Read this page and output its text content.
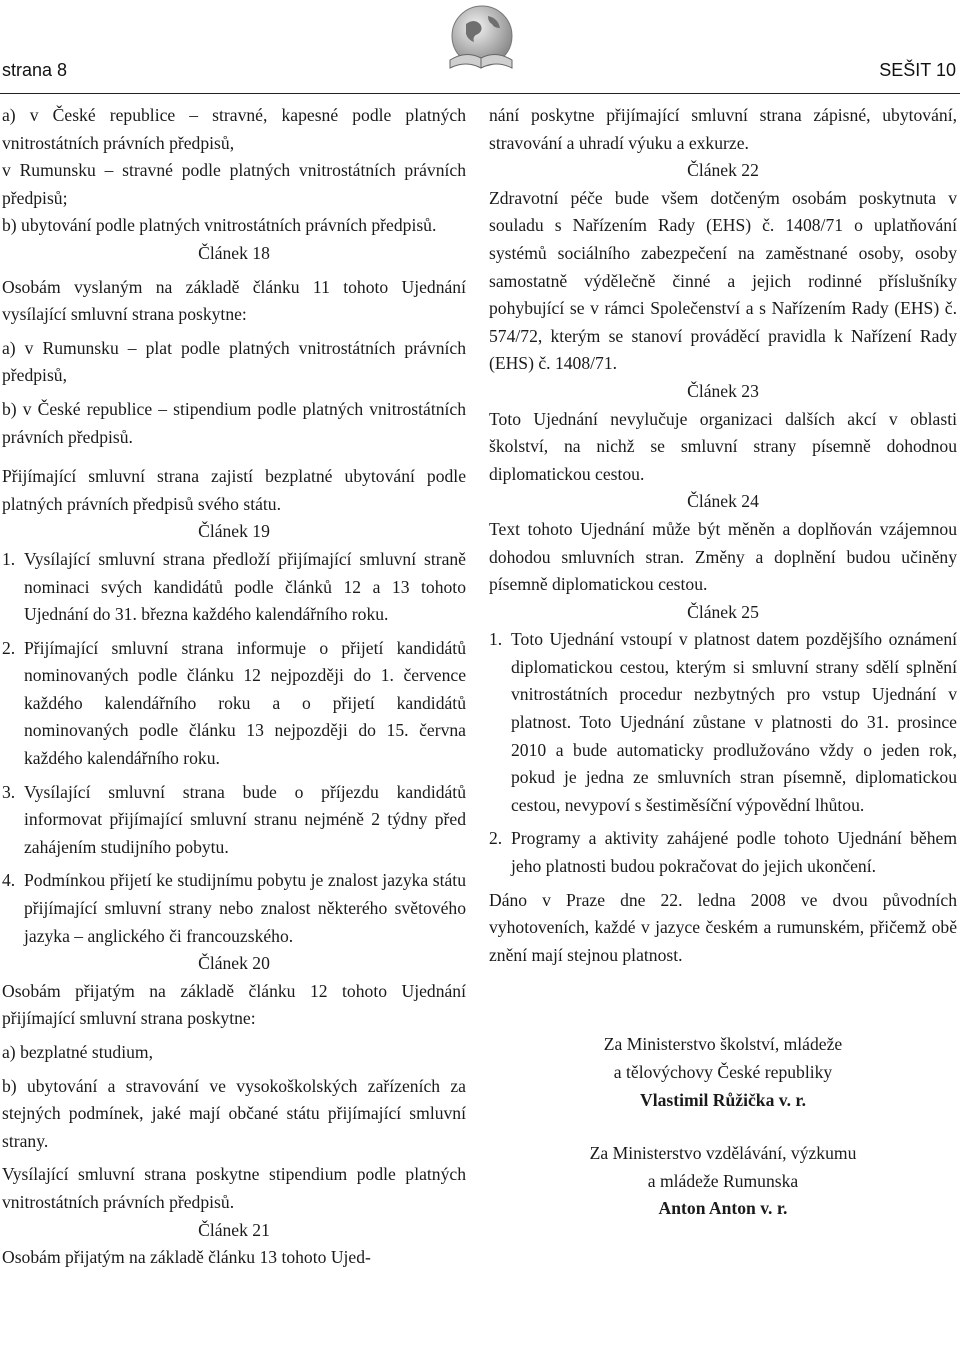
strana 8	SEŠIT 10

a) v České republice – stravné, kapesné podle platných vnitrostátních právních předpisů,

v Rumunsku – stravné podle platných vnitrostátních právních předpisů;

b) ubytování podle platných vnitrostátních právních předpisů.

Článek 18

Osobám vyslaným na základě článku 11 tohoto Ujednání vysílající smluvní strana poskytne:

a) v Rumunsku – plat podle platných vnitrostátních právních předpisů,

b) v České republice – stipendium podle platných vnitrostátních právních předpisů.

Přijímající smluvní strana zajistí bezplatné ubytování podle platných právních předpisů svého státu.

Článek 19

1. Vysílající smluvní strana předloží přijímající smluvní straně nominaci svých kandidátů podle článků 12 a 13 tohoto Ujednání do 31. března každého kalendářního roku.
2. Přijímající smluvní strana informuje o přijetí kandidátů nominovaných podle článku 12 nejpozději do 1. července každého kalendářního roku a o přijetí kandidátů nominovaných podle článku 13 nejpozději do 15. června každého kalendářního roku.
3. Vysílající smluvní strana bude o příjezdu kandidátů informovat přijímající smluvní stranu nejméně 2 týdny před zahájením studijního pobytu.
4. Podmínkou přijetí ke studijnímu pobytu je znalost jazyka státu přijímající smluvní strany nebo znalost některého světového jazyka – anglického či francouzského.

Článek 20

Osobám přijatým na základě článku 12 tohoto Ujednání přijímající smluvní strana poskytne:

a) bezplatné studium,

b) ubytování a stravování ve vysokoškolských zařízeních za stejných podmínek, jaké mají občané státu přijímající smluvní strany.

Vysílající smluvní strana poskytne stipendium podle platných vnitrostátních právních předpisů.

Článek 21

Osobám přijatým na základě článku 13 tohoto Ujed-

nání poskytne přijímající smluvní strana zápisné, ubytování, stravování a uhradí výuku a exkurze.

Článek 22

Zdravotní péče bude všem dotčeným osobám poskytnuta v souladu s Nařízením Rady (EHS) č. 1408/71 o uplatňování systémů sociálního zabezpečení na zaměstnané osoby, osoby samostatně výdělečně činné a jejich rodinné příslušníky pohybující se v rámci Společenství a s Nařízením Rady (EHS) č. 574/72, kterým se stanoví prováděcí pravidla k Nařízení Rady (EHS) č. 1408/71.

Článek 23

Toto Ujednání nevylučuje organizaci dalších akcí v oblasti školství, na nichž se smluvní strany písemně dohodnou diplomatickou cestou.

Článek 24

Text tohoto Ujednání může být měněn a doplňován vzájemnou dohodou smluvních stran. Změny a doplnění budou učiněny písemně diplomatickou cestou.

Článek 25

1. Toto Ujednání vstoupí v platnost datem pozdějšího oznámení diplomatickou cestou, kterým si smluvní strany sdělí splnění vnitrostátních procedur nezbytných pro vstup Ujednání v platnost. Toto Ujednání zůstane v platnosti do 31. prosince 2010 a bude automaticky prodlužováno vždy o jeden rok, pokud je jedna ze smluvních stran písemně, diplomatickou cestou, nevypoví s šestiměsíční výpovědní lhůtou.
2. Programy a aktivity zahájené podle tohoto Ujednání během jeho platnosti budou pokračovat do jejich ukončení.

Dáno v Praze dne 22. ledna 2008 ve dvou původních vyhotoveních, každé v jazyce českém a rumunském, přičemž obě znění mají stejnou platnost.

Za Ministerstvo školství, mládeže

a tělovýchovy České republiky

Vlastimil Růžička v. r.

Za Ministerstvo vzdělávání, výzkumu

a mládeže Rumunska

Anton Anton v. r.
